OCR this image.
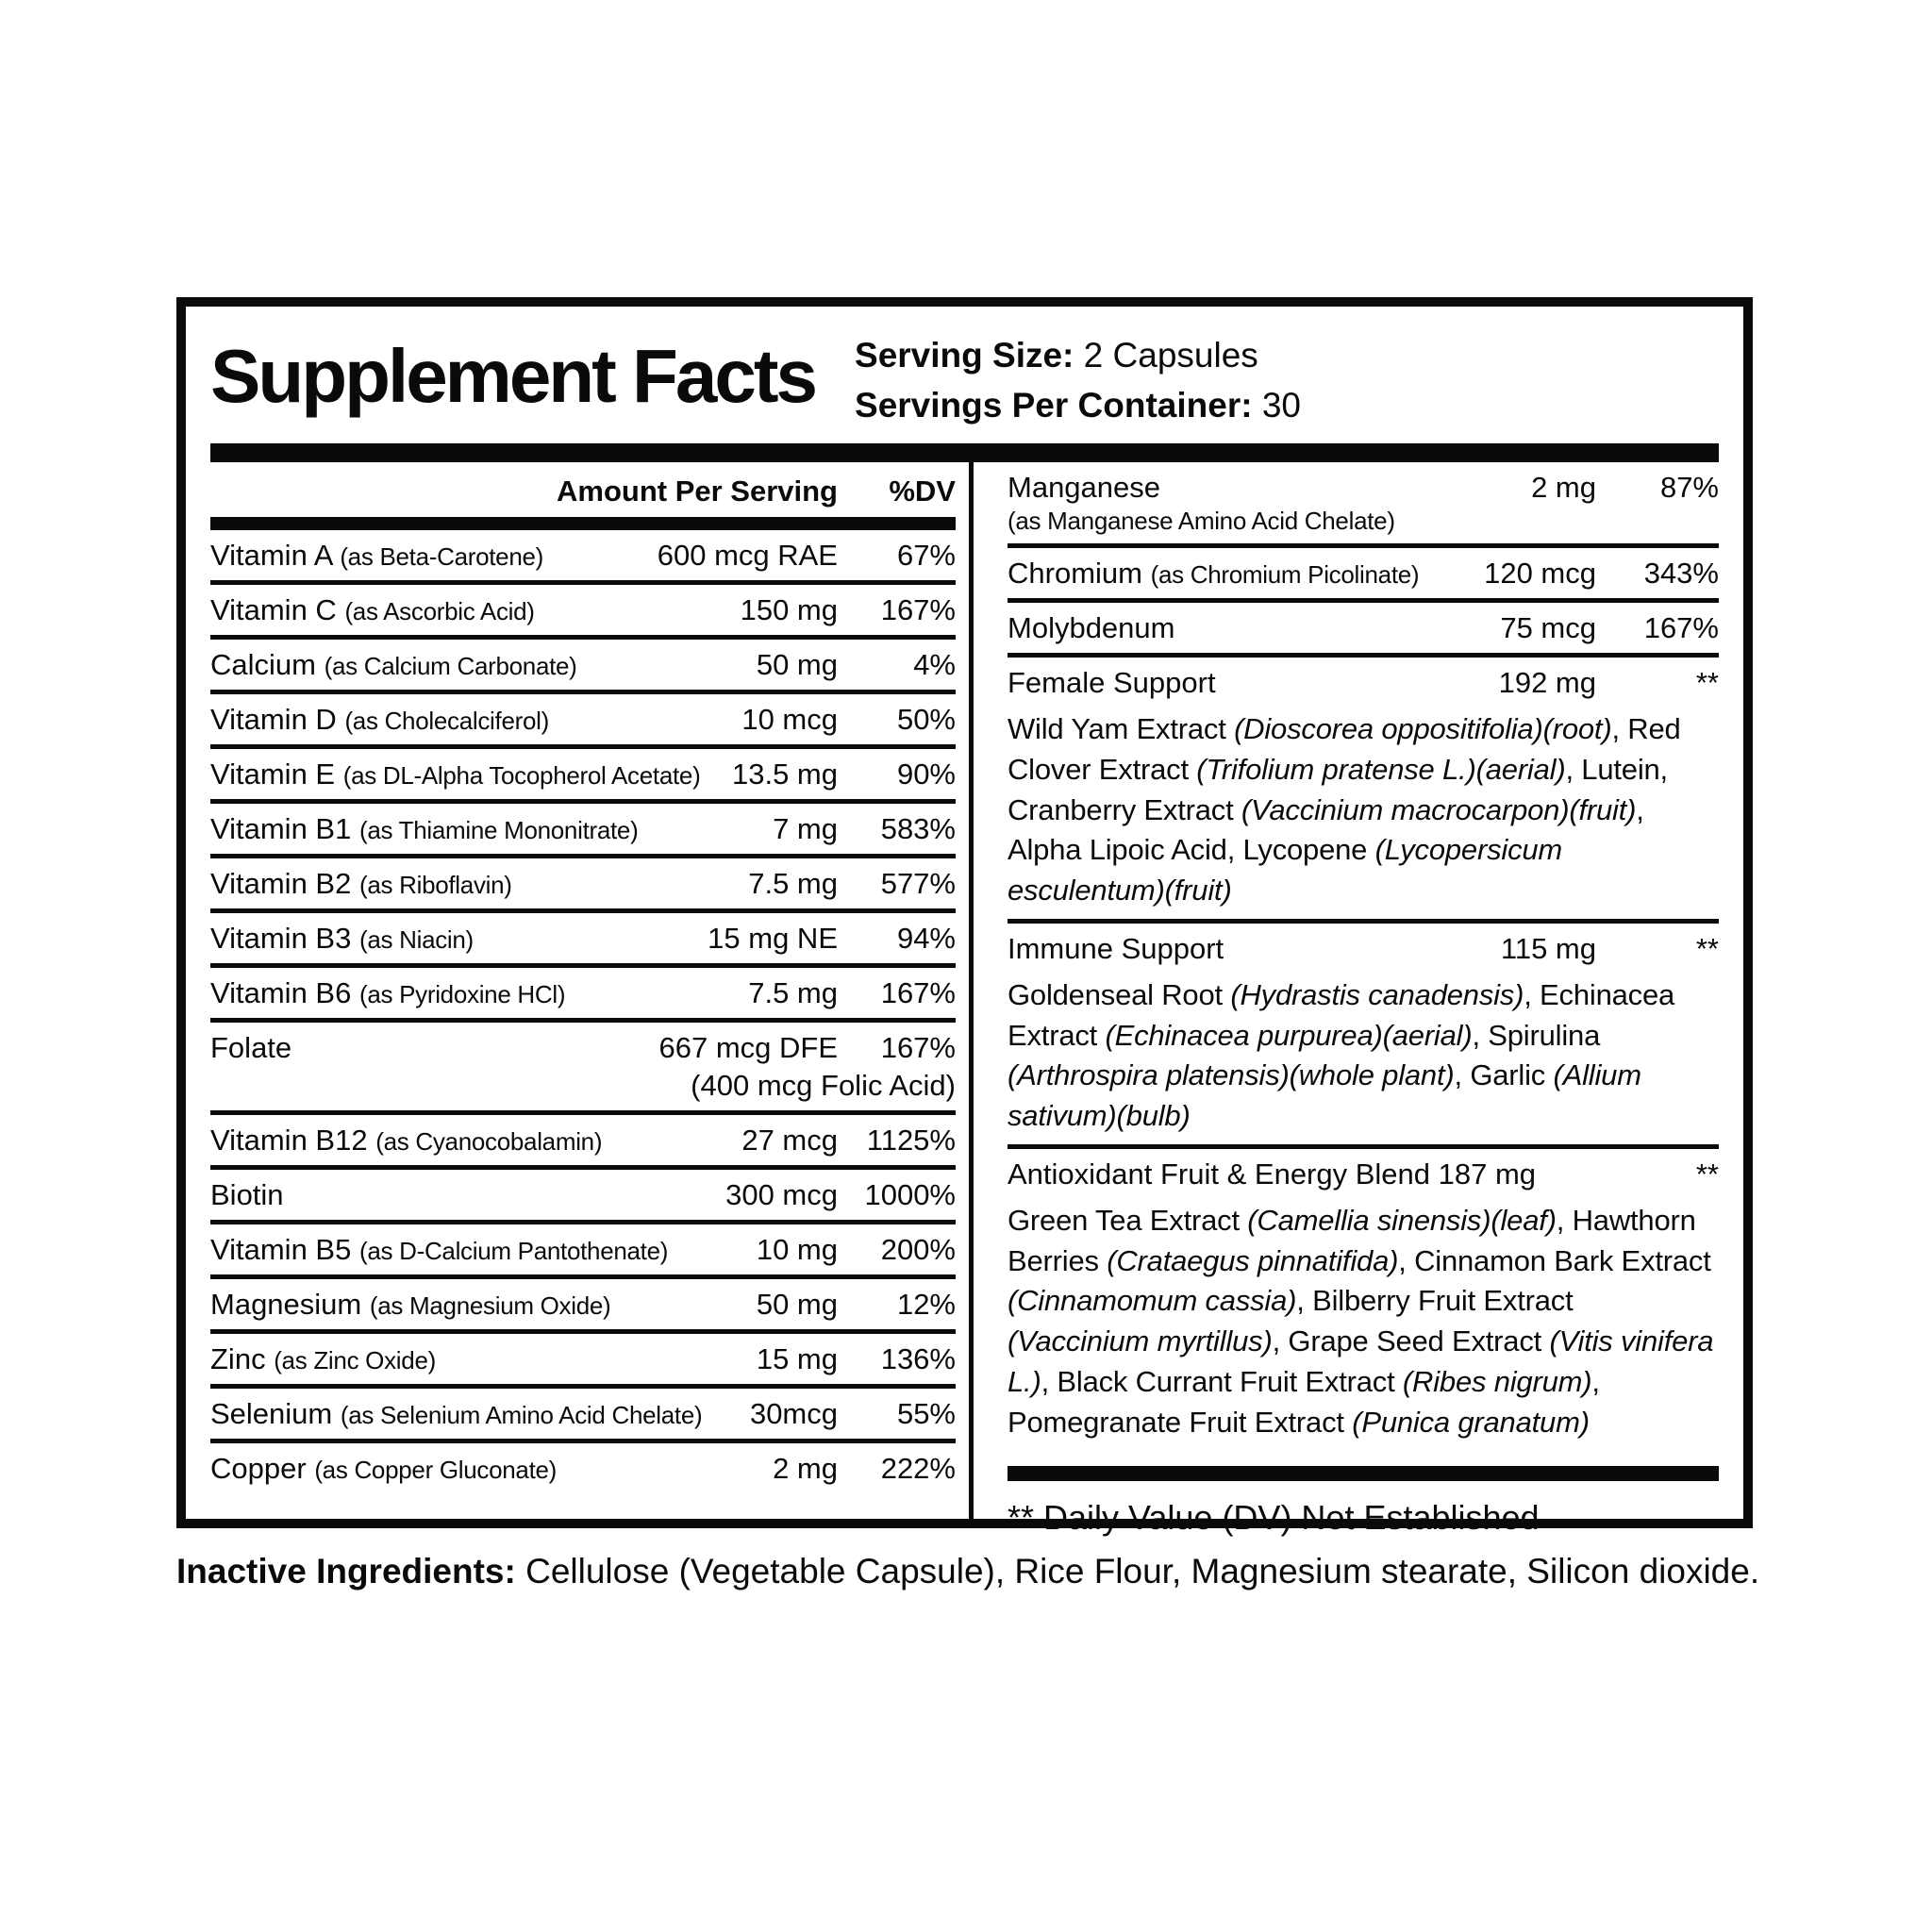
Supplement Facts Serving Size: 2 Capsules
Servings Per Container: 30
Amount Per Serving	%DV
Vitamin A (as Beta-Carotene)	600 mcg RAE	67%
Vitamin C (as Ascorbic Acid)	150 mg	167%
Calcium (as Calcium Carbonate)	50 mg	4%
Vitamin D (as Cholecalciferol)	10 mcg	50%
Vitamin E (as DL-Alpha Tocopherol Acetate)	13.5 mg	90%
Vitamin B1 (as Thiamine Mononitrate)	7 mg	583%
Vitamin B2 (as Riboflavin)	7.5 mg	577%
Vitamin B3 (as Niacin)	15 mg NE	94%
Vitamin B6 (as Pyridoxine HCl)	7.5 mg	167%
Folate	667 mcg DFE	167%
(400 mcg Folic Acid)
Vitamin B12 (as Cyanocobalamin)	27 mcg 1125%
Biotin	300 mcg 1000%
Vitamin B5 (as D-Calcium Pantothenate)	10 mg	200%
Magnesium (as Magnesium Oxide)	50 mg	12%
Zinc (as Zinc Oxide)	15 mg	136%
Selenium (as Selenium Amino Acid Chelate)	30mcg	55%
Copper (as Copper Gluconate)	2 mg	222%
Manganese	2 mg	87%
(as Manganese Amino Acid Chelate)
Chromium (as Chromium Picolinate)	120 mcg	343%
Molybdenum	75 mcg	167%
Female Support	192 mg	**
Wild Yam Extract (Dioscorea oppositifolia)(root), Red Clover Extract (Trifolium pratense L.)(aerial), Lutein, Cranberry Extract (Vaccinium macrocarpon)(fruit), Alpha Lipoic Acid, Lycopene (Lycopersicum esculentum)(fruit)
Immune Support	115 mg	**
Goldenseal Root (Hydrastis canadensis), Echinacea Extract (Echinacea purpurea)(aerial), Spirulina (Arthrospira platensis)(whole plant), Garlic (Allium sativum)(bulb)
Antioxidant Fruit & Energy Blend 187 mg	**
Green Tea Extract (Camellia sinensis)(leaf), Hawthorn Berries (Crataegus pinnatifida), Cinnamon Bark Extract (Cinnamomum cassia), Bilberry Fruit Extract (Vaccinium myrtillus), Grape Seed Extract (Vitis vinifera L.), Black Currant Fruit Extract (Ribes nigrum), Pomegranate Fruit Extract (Punica granatum)
** Daily Value (DV) Not Established
Inactive Ingredients: Cellulose (Vegetable Capsule), Rice Flour, Magnesium stearate, Silicon dioxide.
